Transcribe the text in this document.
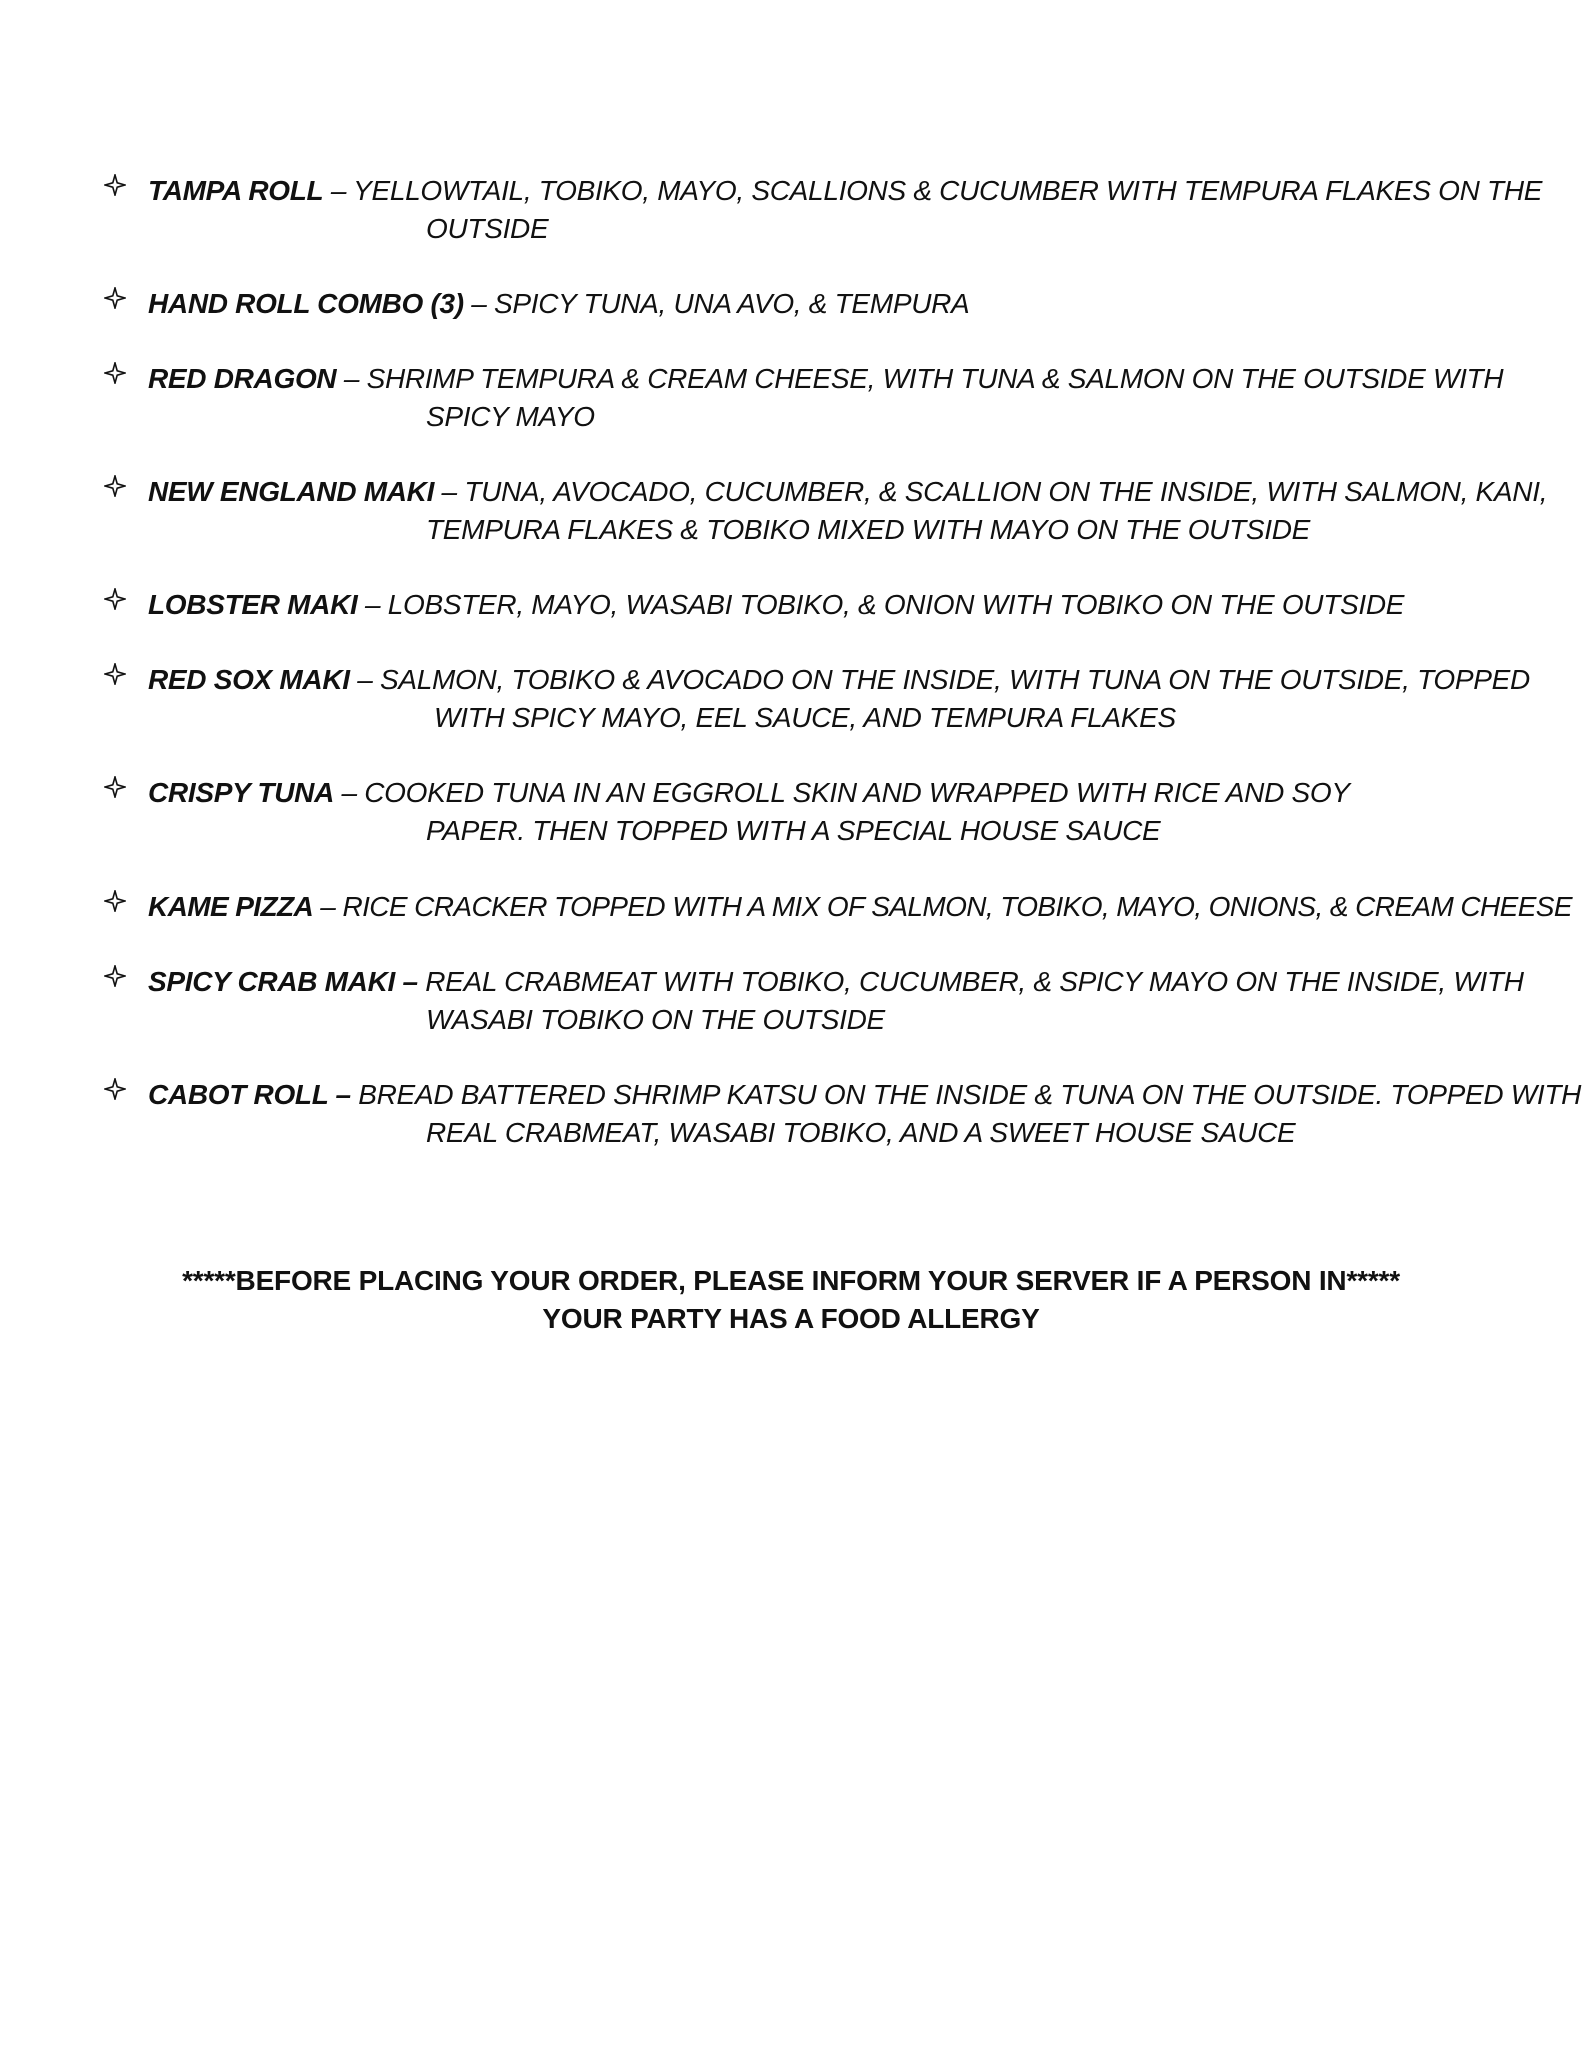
TAMPA ROLL – YELLOWTAIL, TOBIKO, MAYO, SCALLIONS & CUCUMBER WITH TEMPURA FLAKES ON THE
OUTSIDE
HAND ROLL COMBO (3) – SPICY TUNA, UNA AVO, & TEMPURA
RED DRAGON – SHRIMP TEMPURA & CREAM CHEESE, WITH TUNA & SALMON ON THE OUTSIDE WITH
SPICY MAYO
NEW ENGLAND MAKI – TUNA, AVOCADO, CUCUMBER, & SCALLION ON THE INSIDE, WITH SALMON, KANI,
TEMPURA FLAKES & TOBIKO MIXED WITH MAYO ON THE OUTSIDE
LOBSTER MAKI – LOBSTER, MAYO, WASABI TOBIKO, & ONION WITH TOBIKO ON THE OUTSIDE
RED SOX MAKI – SALMON, TOBIKO & AVOCADO ON THE INSIDE, WITH TUNA ON THE OUTSIDE, TOPPED
WITH SPICY MAYO, EEL SAUCE, AND TEMPURA FLAKES
CRISPY TUNA – COOKED TUNA IN AN EGGROLL SKIN AND WRAPPED WITH RICE AND SOY
PAPER. THEN TOPPED WITH A SPECIAL HOUSE SAUCE
KAME PIZZA – RICE CRACKER TOPPED WITH A MIX OF SALMON, TOBIKO, MAYO, ONIONS, & CREAM CHEESE
SPICY CRAB MAKI – REAL CRABMEAT WITH TOBIKO, CUCUMBER, & SPICY MAYO ON THE INSIDE, WITH
WASABI TOBIKO ON THE OUTSIDE
CABOT ROLL – BREAD BATTERED SHRIMP KATSU ON THE INSIDE & TUNA ON THE OUTSIDE. TOPPED WITH
REAL CRABMEAT, WASABI TOBIKO, AND A SWEET HOUSE SAUCE
*****BEFORE PLACING YOUR ORDER, PLEASE INFORM YOUR SERVER IF A PERSON IN*****
YOUR PARTY HAS A FOOD ALLERGY
